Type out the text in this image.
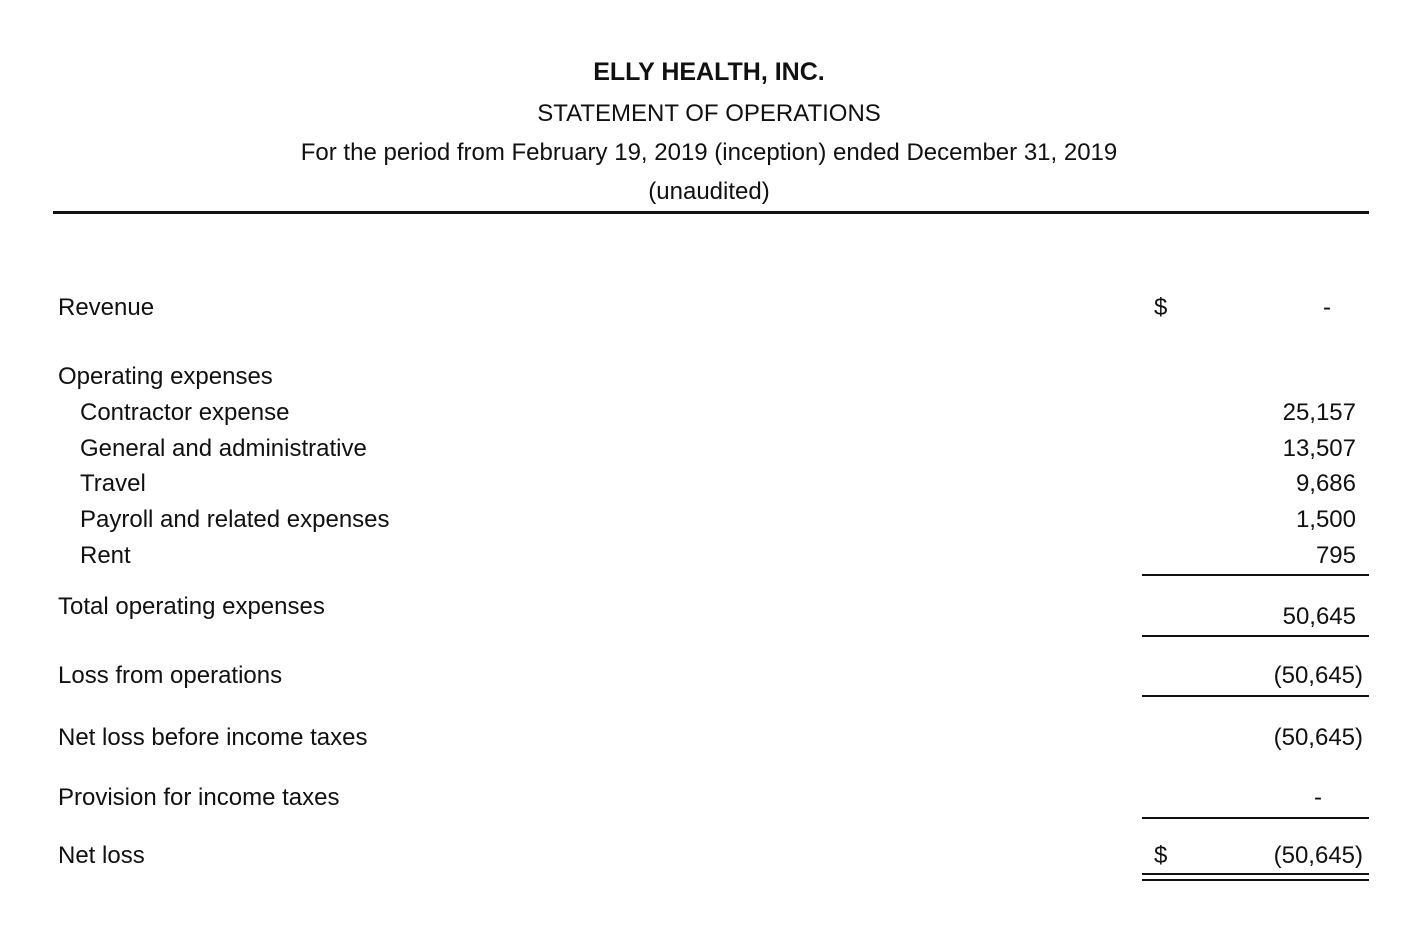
ELLY HEALTH, INC.
STATEMENT OF OPERATIONS
For the period from February 19, 2019 (inception) ended December 31, 2019
(unaudited)
Revenue	$	-
Operating expenses
Contractor expense	25,157
General and administrative	13,507
Travel	9,686
Payroll and related expenses	1,500
Rent	795
Total operating expenses	50,645
Loss from operations	(50,645)
Net loss before income taxes	(50,645)
Provision for income taxes	-
Net loss	$	(50,645)
